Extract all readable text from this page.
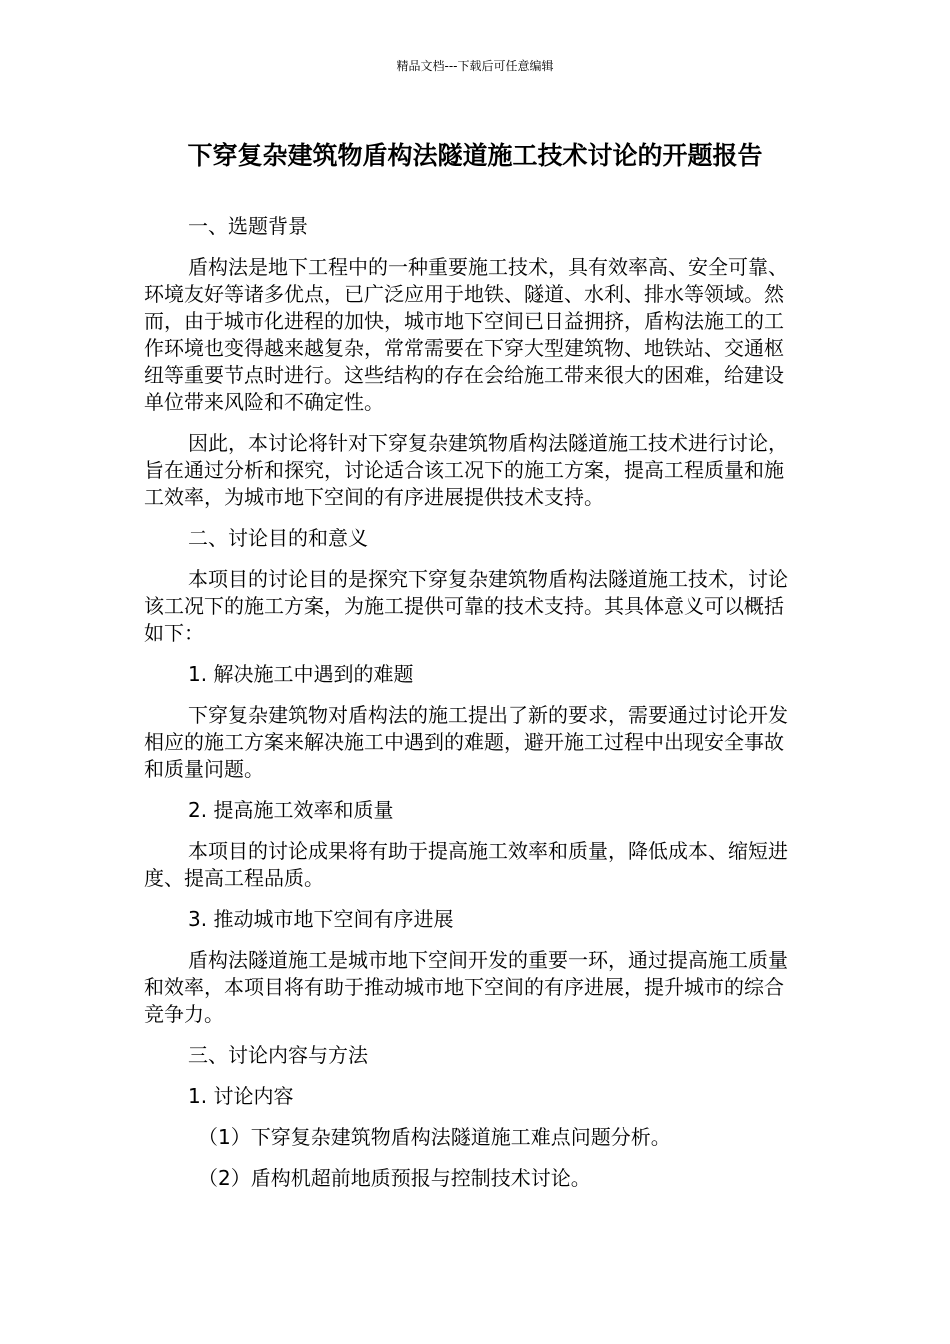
精品文档---下载后可任意编辑
下穿复杂建筑物盾构法隧道施工技术讨论的开题报告

一、选题背景

盾构法是地下工程中的一种重要施工技术，具有效率高、安全可靠、环境友好等诸多优点，已广泛应用于地铁、隧道、水利、排水等领域。然而，由于城市化进程的加快，城市地下空间已日益拥挤，盾构法施工的工作环境也变得越来越复杂，常常需要在下穿大型建筑物、地铁站、交通枢纽等重要节点时进行。这些结构的存在会给施工带来很大的困难，给建设单位带来风险和不确定性。

因此，本讨论将针对下穿复杂建筑物盾构法隧道施工技术进行讨论，旨在通过分析和探究，讨论适合该工况下的施工方案，提高工程质量和施工效率，为城市地下空间的有序进展提供技术支持。

二、讨论目的和意义

本项目的讨论目的是探究下穿复杂建筑物盾构法隧道施工技术，讨论该工况下的施工方案，为施工提供可靠的技术支持。其具体意义可以概括如下：

1. 解决施工中遇到的难题

下穿复杂建筑物对盾构法的施工提出了新的要求，需要通过讨论开发相应的施工方案来解决施工中遇到的难题，避开施工过程中出现安全事故和质量问题。

2. 提高施工效率和质量

本项目的讨论成果将有助于提高施工效率和质量，降低成本、缩短进度、提高工程品质。

3. 推动城市地下空间有序进展

盾构法隧道施工是城市地下空间开发的重要一环，通过提高施工质量和效率，本项目将有助于推动城市地下空间的有序进展，提升城市的综合竞争力。

三、讨论内容与方法

1. 讨论内容

（1）下穿复杂建筑物盾构法隧道施工难点问题分析。

（2）盾构机超前地质预报与控制技术讨论。
